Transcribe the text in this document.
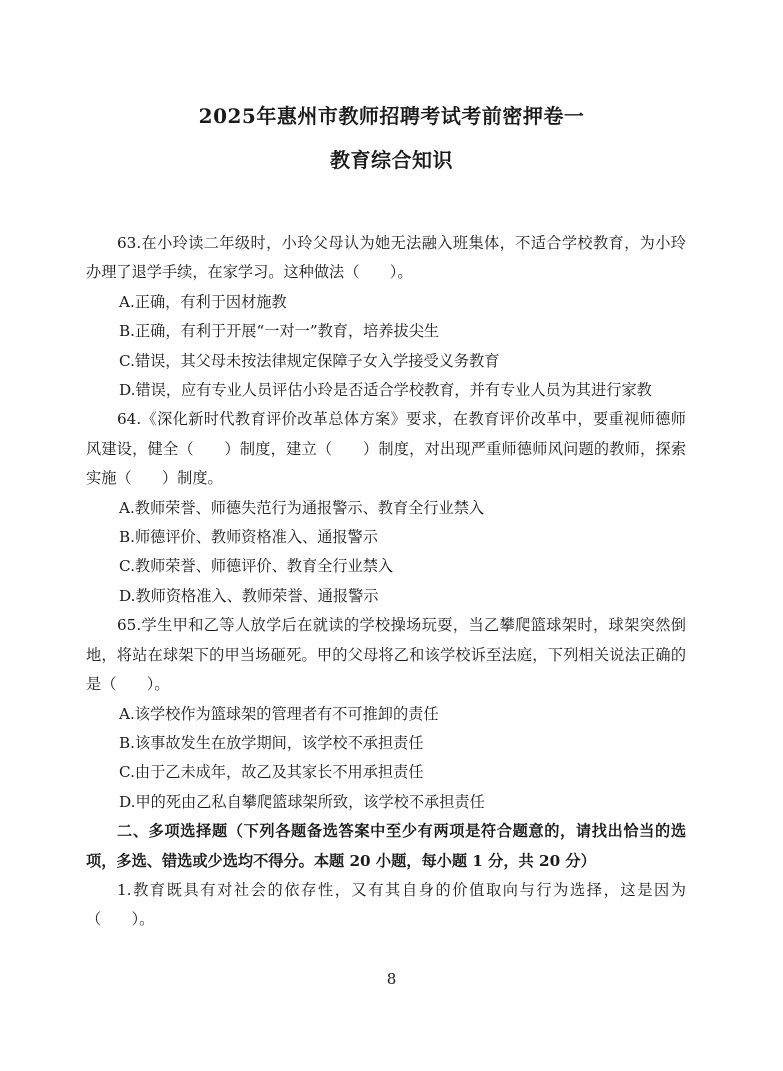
2025年惠州市教师招聘考试考前密押卷一
教育综合知识

63.在小玲读二年级时，小玲父母认为她无法融入班集体，不适合学校教育，为小玲办理了退学手续，在家学习。这种做法（　　）。

A.正确，有利于因材施教

B.正确，有利于开展“一对一”教育，培养拔尖生

C.错误，其父母未按法律规定保障子女入学接受义务教育

D.错误，应有专业人员评估小玲是否适合学校教育，并有专业人员为其进行家教

64.《深化新时代教育评价改革总体方案》要求，在教育评价改革中，要重视师德师风建设，健全（　　）制度，建立（　　）制度，对出现严重师德师风问题的教师，探索实施（　　）制度。

A.教师荣誉、师德失范行为通报警示、教育全行业禁入

B.师德评价、教师资格准入、通报警示

C.教师荣誉、师德评价、教育全行业禁入

D.教师资格准入、教师荣誉、通报警示

65.学生甲和乙等人放学后在就读的学校操场玩耍，当乙攀爬篮球架时，球架突然倒地，将站在球架下的甲当场砸死。甲的父母将乙和该学校诉至法庭，下列相关说法正确的是（　　）。

A.该学校作为篮球架的管理者有不可推卸的责任

B.该事故发生在放学期间，该学校不承担责任

C.由于乙未成年，故乙及其家长不用承担责任

D.甲的死由乙私自攀爬篮球架所致，该学校不承担责任

二、多项选择题（下列各题备选答案中至少有两项是符合题意的，请找出恰当的选项，多选、错选或少选均不得分。本题 20 小题，每小题 1 分，共 20 分）

1.教育既具有对社会的依存性，又有其自身的价值取向与行为选择，这是因为（　　）。

8
